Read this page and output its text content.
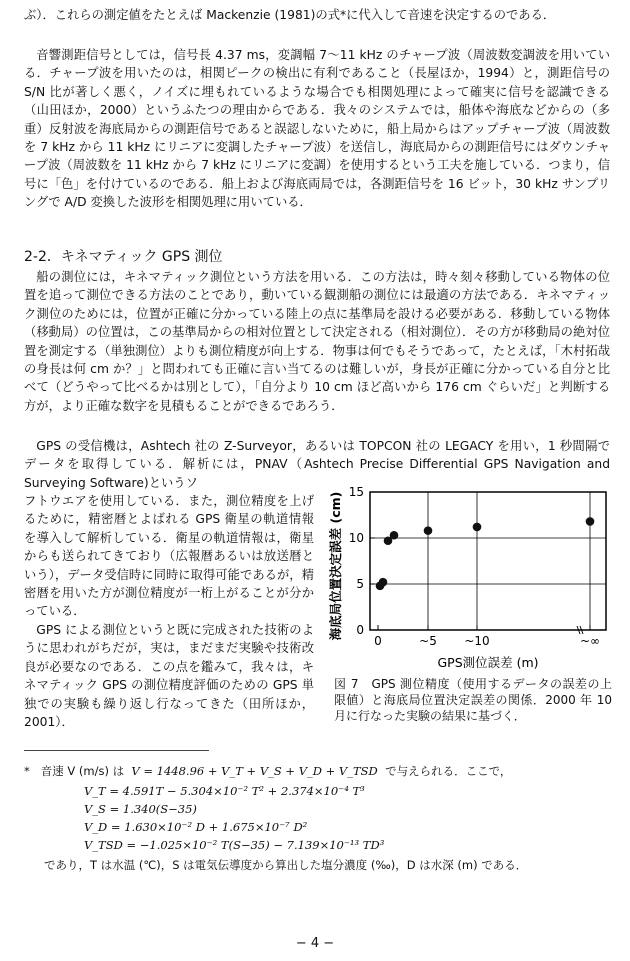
ぶ）．これらの測定値をたとえば Mackenzie (1981)の式*に代入して音速を決定するのである．

音響測距信号としては，信号長 4.37 ms，変調幅 7〜11 kHz のチャープ波（周波数変調波を用いている．チャープ波を用いたのは，相関ピークの検出に有利であること（長屋ほか，1994）と，測距信号の S/N 比が著しく悪く，ノイズに埋もれているような場合でも相関処理によって確実に信号を認識できる（山田ほか，2000）というふたつの理由からである．我々のシステムでは，船体や海底などからの（多重）反射波を海底局からの測距信号であると誤認しないために，船上局からはアップチャープ波（周波数を 7 kHz から 11 kHz にリニアに変調したチャープ波）を送信し，海底局からの測距信号にはダウンチャープ波（周波数を 11 kHz から 7 kHz にリニアに変調）を使用するという工夫を施している．つまり，信号に「色」を付けているのである．船上および海底両局では，各測距信号を 16 ビット，30 kHz サンプリングで A/D 変換した波形を相関処理に用いている．

2-2．キネマティック GPS 測位

船の測位には，キネマティック測位という方法を用いる．この方法は，時々刻々移動している物体の位置を追って測位できる方法のことであり，動いている観測船の測位には最適の方法である．キネマティック測位のためには，位置が正確に分かっている陸上の点に基準局を設ける必要がある．移動している物体（移動局）の位置は，この基準局からの相対位置として決定される（相対測位）．その方が移動局の絶対位置を測定する（単独測位）よりも測位精度が向上する．物事は何でもそうであって，たとえば，「木村拓哉の身長は何 cm か？」と問われても正確に言い当てるのは難しいが，身長が正確に分かっている自分と比べて（どうやって比べるかは別として），「自分より 10 cm ほど高いから 176 cm ぐらいだ」と判断する方が，より正確な数字を見積もることができるであろう．

GPS の受信機は，Ashtech 社の Z-Surveyor，あるいは TOPCON 社の LEGACY を用い，1 秒間隔でデータを取得している．解析には，PNAV（Ashtech Precise Differential GPS Navigation and Surveying Software)というソ

フトウエアを使用している．また，測位精度を上げるために，精密暦とよばれる GPS 衛星の軌道情報を導入して解析している．衛星の軌道情報は，衛星からも送られてきており（広報暦あるいは放送暦という），データ受信時に同時に取得可能であるが，精密暦を用いた方が測位精度が一桁上がることが分かっている．

GPS による測位というと既に完成された技術のように思われがちだが，実は，まだまだ実験や技術改良が必要なのである．この点を鑑みて，我々は，キネマティック GPS の測位精度評価のための GPS 単独での実験も繰り返し行なってきた（田所ほか，2001）．

0
5
10
15
0	~5 ~10	~∞
海底局位置決定誤差 (cm)
GPS測位誤差 (m)

図 7　GPS 測位精度（使用するデータの誤差の上限値）と海底局位置決定誤差の関係．2000 年 10 月に行なった実験の結果に基づく．

* 音速 V (m/s) は V = 1448.96 + V_T + V_S + V_D + V_TSD で与えられる．ここで，

V_T = 4.591T − 5.304×10⁻² T² + 2.374×10⁻⁴ T³

V_S = 1.340(S−35)

V_D = 1.630×10⁻² D + 1.675×10⁻⁷ D²

V_TSD = −1.025×10⁻² T(S−35) − 7.139×10⁻¹³ TD³

であり，T は水温 (℃)，S は電気伝導度から算出した塩分濃度 (‰)，D は水深 (m) である．

− 4 −
